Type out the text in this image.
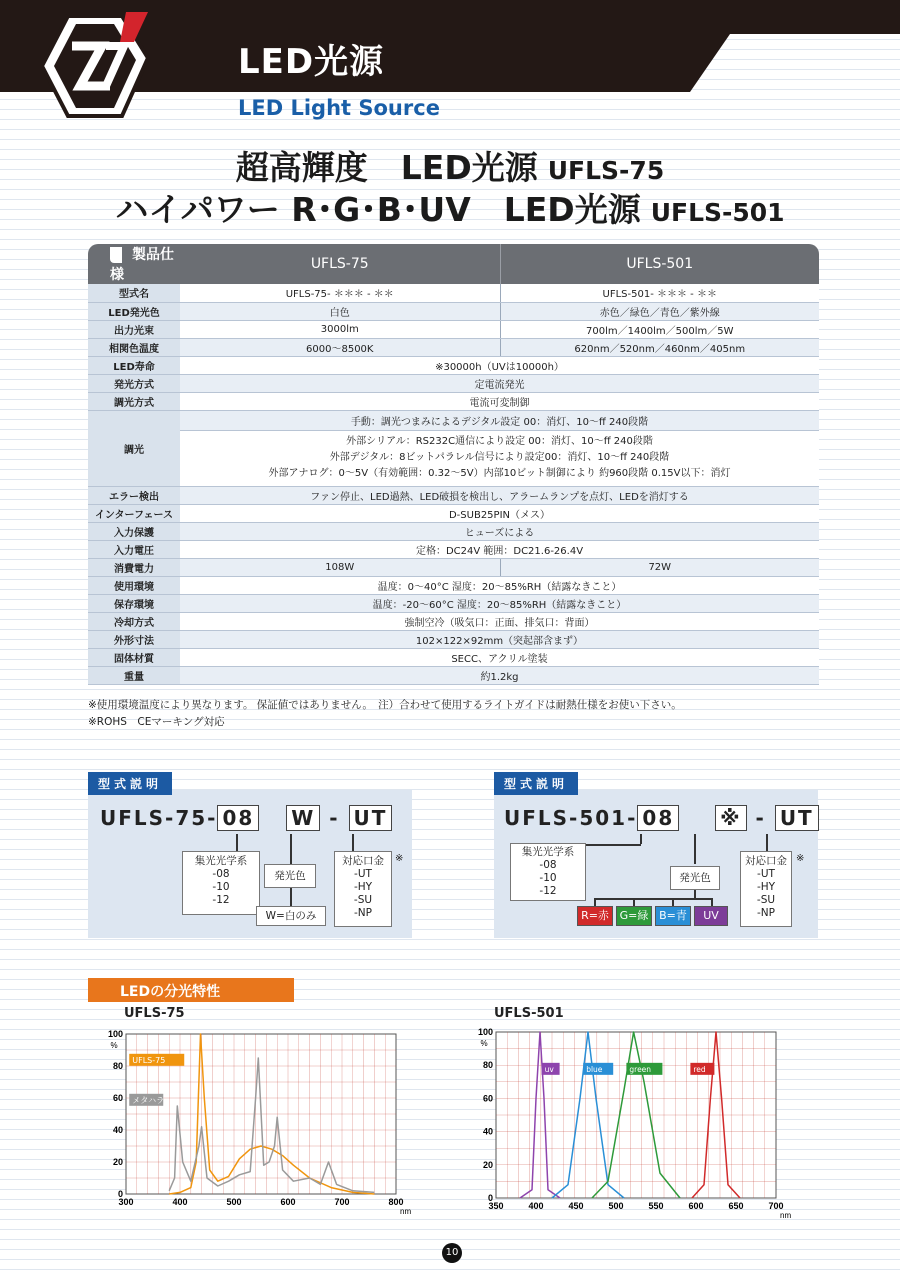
LED光源
LED Light Source
超高輝度　LED光源 UFLS-75
ハイパワー R･G･B･UV　LED光源 UFLS-501
製品仕様	UFLS-75	UFLS-501
型式名	UFLS-75- ＊＊＊ - ＊＊	UFLS-501- ＊＊＊ - ＊＊
LED発光色	白色	赤色／緑色／青色／紫外線
出力光束	3000lm	700lm／1400lm／500lm／5W
相関色温度	6000～8500K	620nm／520nm／460nm／405nm
LED寿命	※30000h（UVは10000h）	
発光方式	定電流発光	
調光方式	電流可変制御	
調光	手動：調光つまみによるデジタル設定 00：消灯、10～ff 240段階	

	外部シリアル：RS232C通信により設定 00：消灯、10～ff 240段階
外部デジタル：8ビットパラレル信号により設定00：消灯、10～ff 240段階
外部アナログ：0～5V（有効範囲：0.32～5V）内部10ビット制御により 約960段階 0.15V以下：消灯	

エラー検出	ファン停止、LED過熱、LED破損を検出し、アラームランプを点灯、LEDを消灯する	
インターフェース	D-SUB25PIN（メス）	
入力保護	ヒューズによる	
入力電圧	定格：DC24V 範囲：DC21.6-26.4V	
消費電力	108W	72W
使用環境	温度：0～40°C 湿度：20～85%RH（結露なきこと）	
保存環境	温度：-20～60°C 湿度：20～85%RH（結露なきこと）	
冷却方式	強制空冷（吸気口：正面、排気口：背面）	
外形寸法	102×122×92mm（突起部含まず）	
固体材質	SECC、アクリル塗装	
重量	約1.2kg	
※使用環境温度により異なります。 保証値ではありません。　注）合わせて使用するライトガイドは耐熱仕様をお使い下さい。
※ROHS　CEマーキング対応
型式説明
UFLS-75- 08 W - UT
集光光学系
-08
-10
-12
発光色
W=白のみ
対応口金
-UT
-HY
-SU
-NP
※
型式説明
UFLS-501- 08 ※ - UT
集光光学系
-08
-10
-12
発光色
R=赤 G=緑 B=青	UV
対応口金
-UT
-HY
-SU
-NP
※
LEDの分光特性
UFLS-75	UFLS-501
300	400	500	600	700	800
0
20
40
60
80
100
%
nm
UFLS-75
メタハラ
350	400	450	500	550	600	650	700
0
20
40
60
80
100
%
nm
uv	blue	green	red
10
